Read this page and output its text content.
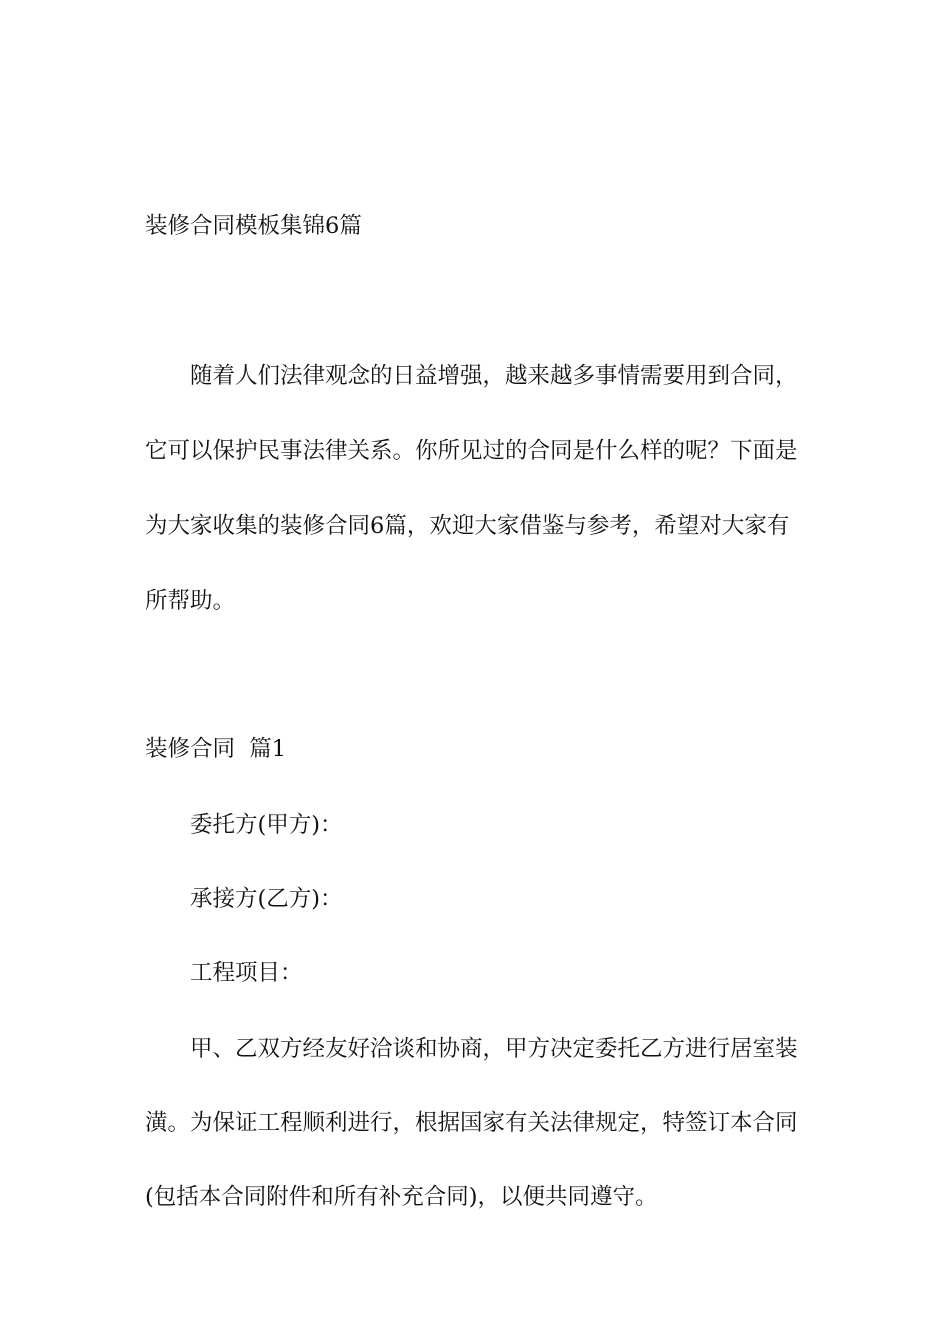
装修合同模板集锦6篇

随着人们法律观念的日益增强，越来越多事情需要用到合同，

它可以保护民事法律关系。你所见过的合同是什么样的呢？下面是

为大家收集的装修合同6篇，欢迎大家借鉴与参考，希望对大家有

所帮助。

装修合同  篇1

委托方(甲方)：

承接方(乙方)：

工程项目：

甲、乙双方经友好洽谈和协商，甲方决定委托乙方进行居室装

潢。为保证工程顺利进行，根据国家有关法律规定，特签订本合同

(包括本合同附件和所有补充合同)，以便共同遵守。
